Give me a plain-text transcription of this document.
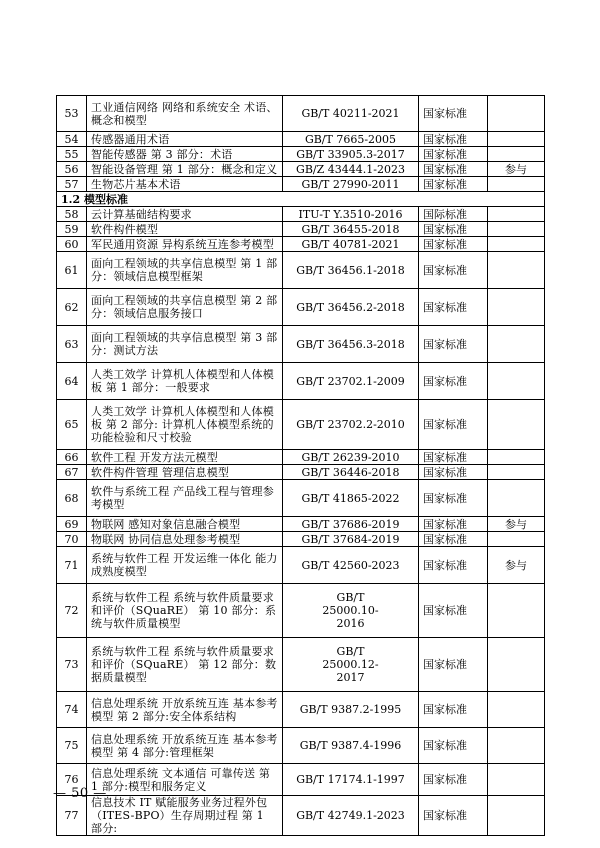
53	工业通信网络 网络和系统安全 术语、概念和模型	GB/T 40211-2021	国家标准	
54	传感器通用术语	GB/T 7665-2005	国家标准	
55	智能传感器 第 3 部分：术语	GB/T 33905.3-2017	国家标准	
56	智能设备管理 第 1 部分：概念和定义	GB/Z 43444.1-2023	国家标准	参与
57	生物芯片基本术语	GB/T 27990-2011	国家标准	
1.2 模型标准				
58	云计算基础结构要求	ITU-T Y.3510-2016	国际标准	
59	软件构件模型	GB/T 36455-2018	国家标准	
60	军民通用资源 异构系统互连参考模型	GB/T 40781-2021	国家标准	
61	面向工程领域的共享信息模型 第 1 部分：领域信息模型框架	GB/T 36456.1-2018	国家标准	
62	面向工程领域的共享信息模型 第 2 部分：领域信息服务接口	GB/T 36456.2-2018	国家标准	
63	面向工程领域的共享信息模型 第 3 部分：测试方法	GB/T 36456.3-2018	国家标准	
64	人类工效学 计算机人体模型和人体模板 第 1 部分：一般要求	GB/T 23702.1-2009	国家标准	
65	人类工效学 计算机人体模型和人体模板 第 2 部分: 计算机人体模型系统的功能检验和尺寸校验	GB/T 23702.2-2010	国家标准	
66	软件工程 开发方法元模型	GB/T 26239-2010	国家标准	
67	软件构件管理 管理信息模型	GB/T 36446-2018	国家标准	
68	软件与系统工程 产品线工程与管理参考模型	GB/T 41865-2022	国家标准	
69	物联网 感知对象信息融合模型	GB/T 37686-2019	国家标准	参与
70	物联网 协同信息处理参考模型	GB/T 37684-2019	国家标准	
71	系统与软件工程 开发运维一体化 能力成熟度模型	GB/T 42560-2023	国家标准	参与
72	系统与软件工程 系统与软件质量要求和评价（SQuaRE） 第 10 部分：系统与软件质量模型	GB/T 25000.10-2016	国家标准	
73	系统与软件工程 系统与软件质量要求和评价（SQuaRE） 第 12 部分：数据质量模型	GB/T 25000.12-2017	国家标准	
74	信息处理系统 开放系统互连 基本参考模型 第 2 部分:安全体系结构	GB/T 9387.2-1995	国家标准	
75	信息处理系统 开放系统互连 基本参考模型 第 4 部分:管理框架	GB/T 9387.4-1996	国家标准	
76	信息处理系统 文本通信 可靠传送 第 1 部分:模型和服务定义	GB/T 17174.1-1997	国家标准	
77	信息技术 IT 赋能服务业务过程外包（ITES-BPO）生存周期过程 第 1 部分:	GB/T 42749.1-2023	国家标准	
— 50 —
